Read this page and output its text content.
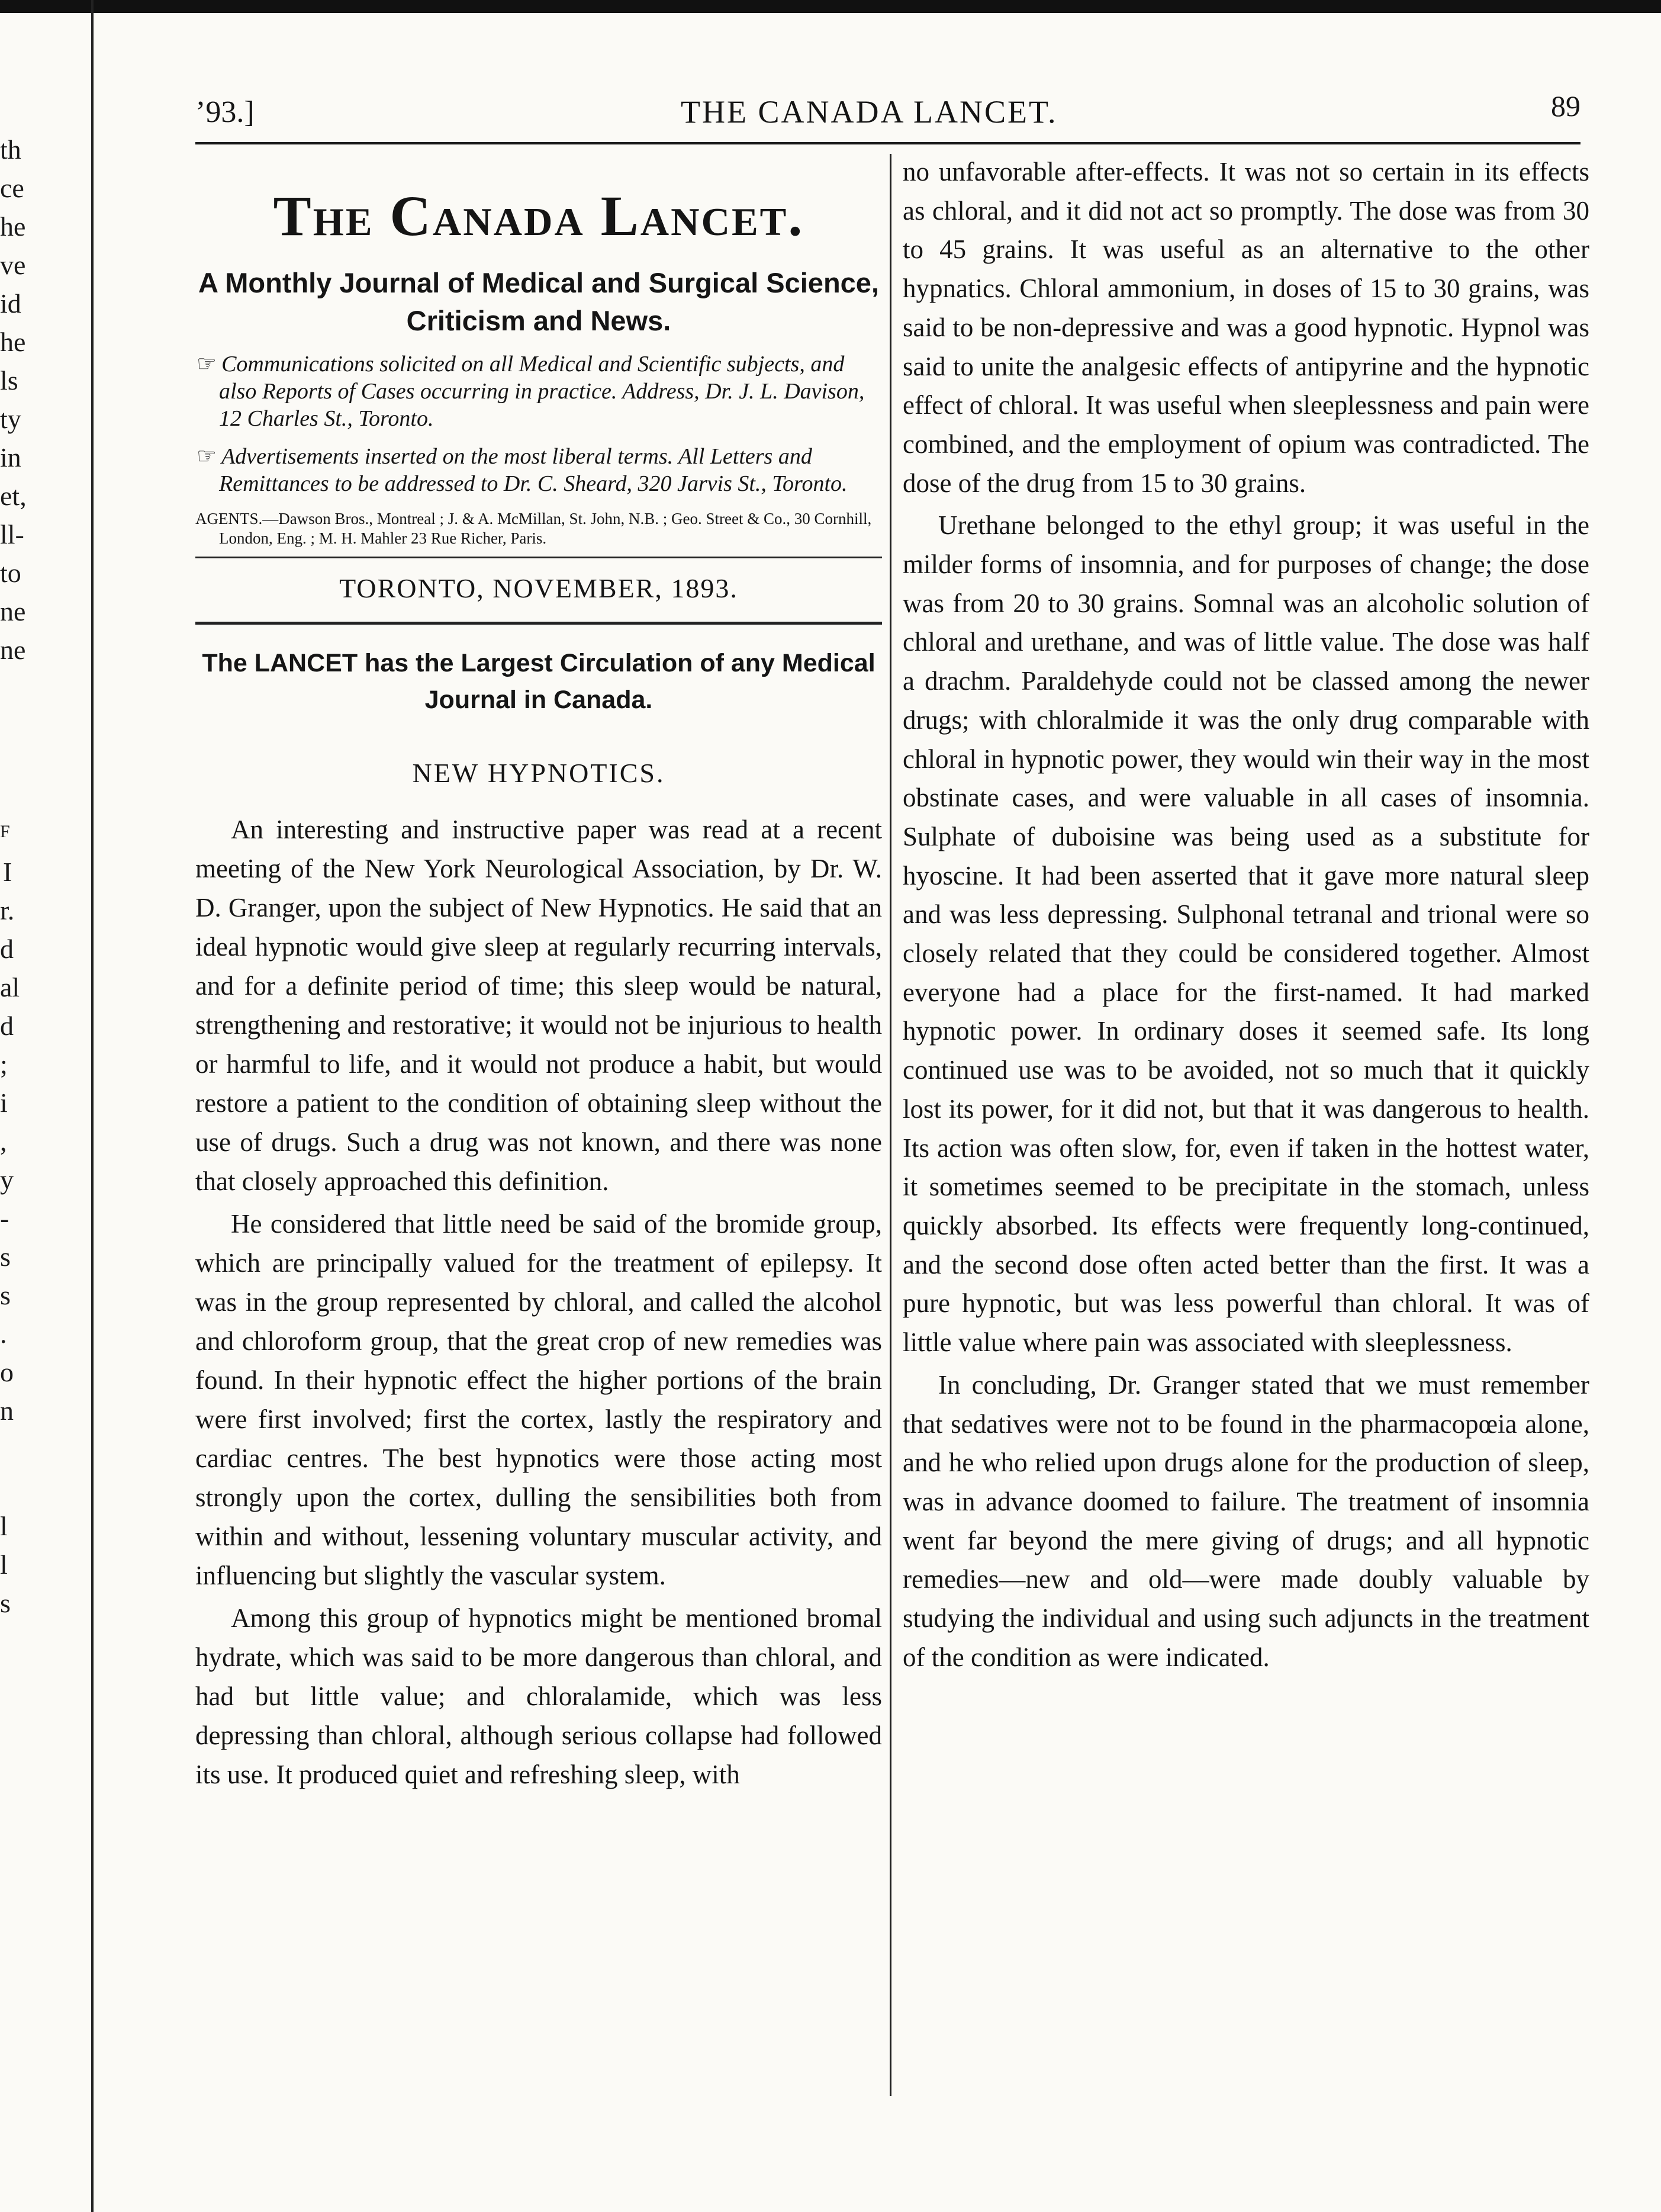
th
ce
he
ve
id
he
ls
ty
in
et,
ll-
to
ne
ne
F
I
r.
d
al
d
;
i
,
y
-
s
s
.
o
n
l
l
s
’93.]	THE CANADA LANCET.	89
The Canada Lancet.
A Monthly Journal of Medical and Surgical Science, Criticism and News.
☞ Communications solicited on all Medical and Scientific subjects, and also Reports of Cases occurring in practice. Address, Dr. J. L. Davison, 12 Charles St., Toronto.
☞ Advertisements inserted on the most liberal terms. All Letters and Remittances to be addressed to Dr. C. Sheard, 320 Jarvis St., Toronto.
AGENTS.—Dawson Bros., Montreal ; J. & A. McMillan, St. John, N.B. ; Geo. Street & Co., 30 Cornhill, London, Eng. ; M. H. Mahler 23 Rue Richer, Paris.
TORONTO, NOVEMBER, 1893.
The LANCET has the Largest Circulation of any Medical Journal in Canada.
NEW HYPNOTICS.

An interesting and instructive paper was read at a recent meeting of the New York Neurological Association, by Dr. W. D. Granger, upon the subject of New Hypnotics. He said that an ideal hypnotic would give sleep at regularly recurring intervals, and for a definite period of time; this sleep would be natural, strengthening and restorative; it would not be injurious to health or harmful to life, and it would not produce a habit, but would restore a patient to the condition of obtaining sleep without the use of drugs. Such a drug was not known, and there was none that closely approached this definition.

He considered that little need be said of the bromide group, which are principally valued for the treatment of epilepsy. It was in the group represented by chloral, and called the alcohol and chloroform group, that the great crop of new remedies was found. In their hypnotic effect the higher portions of the brain were first involved; first the cortex, lastly the respiratory and cardiac centres. The best hypnotics were those acting most strongly upon the cortex, dulling the sensibilities both from within and without, lessening voluntary muscular activity, and influencing but slightly the vascular system.

Among this group of hypnotics might be mentioned bromal hydrate, which was said to be more dangerous than chloral, and had but little value; and chloralamide, which was less depressing than chloral, although serious collapse had followed its use. It produced quiet and refreshing sleep, with

no unfavorable after-effects. It was not so certain in its effects as chloral, and it did not act so promptly. The dose was from 30 to 45 grains. It was useful as an alternative to the other hypnatics. Chloral ammonium, in doses of 15 to 30 grains, was said to be non-depressive and was a good hypnotic. Hypnol was said to unite the analgesic effects of antipyrine and the hypnotic effect of chloral. It was useful when sleeplessness and pain were combined, and the employment of opium was contradicted. The dose of the drug from 15 to 30 grains.

Urethane belonged to the ethyl group; it was useful in the milder forms of insomnia, and for purposes of change; the dose was from 20 to 30 grains. Somnal was an alcoholic solution of chloral and urethane, and was of little value. The dose was half a drachm. Paraldehyde could not be classed among the newer drugs; with chloralmide it was the only drug comparable with chloral in hypnotic power, they would win their way in the most obstinate cases, and were valuable in all cases of insomnia. Sulphate of duboisine was being used as a substitute for hyoscine. It had been asserted that it gave more natural sleep and was less depressing. Sulphonal tetranal and trional were so closely related that they could be considered together. Almost everyone had a place for the first-named. It had marked hypnotic power. In ordinary doses it seemed safe. Its long continued use was to be avoided, not so much that it quickly lost its power, for it did not, but that it was dangerous to health. Its action was often slow, for, even if taken in the hottest water, it sometimes seemed to be precipitate in the stomach, unless quickly absorbed. Its effects were frequently long-continued, and the second dose often acted better than the first. It was a pure hypnotic, but was less powerful than chloral. It was of little value where pain was associated with sleeplessness.

In concluding, Dr. Granger stated that we must remember that sedatives were not to be found in the pharmacopœia alone, and he who relied upon drugs alone for the production of sleep, was in advance doomed to failure. The treatment of insomnia went far beyond the mere giving of drugs; and all hypnotic remedies—new and old—were made doubly valuable by studying the individual and using such adjuncts in the treatment of the condition as were indicated.
